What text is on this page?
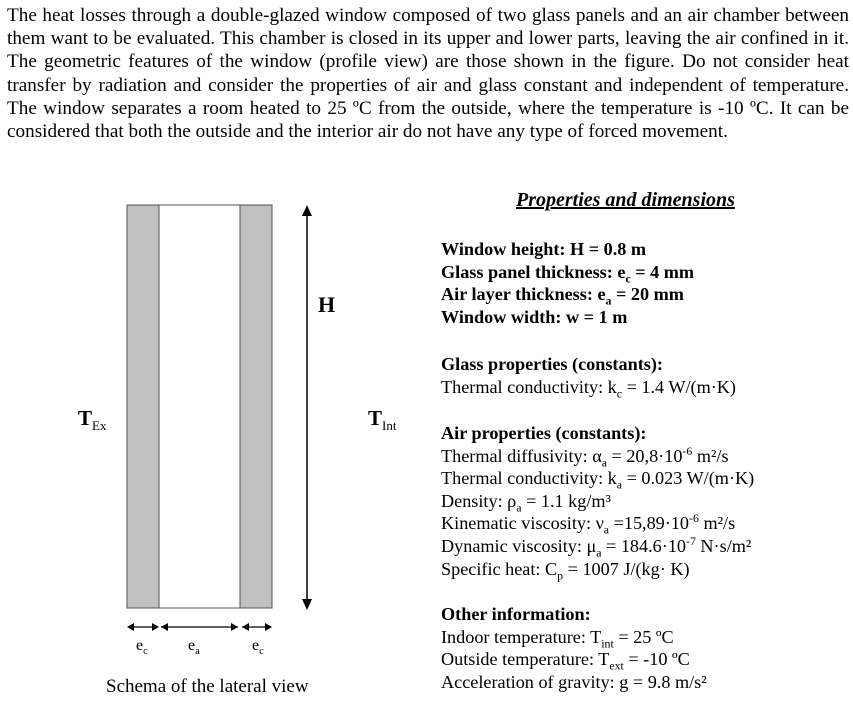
The heat losses through a double-glazed window composed of two glass panels and an air chamber between them want to be evaluated. This chamber is closed in its upper and lower parts, leaving the air confined in it. The geometric features of the window (profile view) are those shown in the figure. Do not consider heat transfer by radiation and consider the properties of air and glass constant and independent of temperature. The window separates a room heated to 25 ºC from the outside, where the temperature is -10 ºC. It can be considered that both the outside and the interior air do not have any type of forced movement.

$T_{Ex}$	$T_{Int}$
H
$e_c$	$e_a$	$e_c$

Schema of the lateral view

Properties and dimensions

Window height: H = 0.8 m
Glass panel thickness: $e_c = 4$ mm
Air layer thickness: $e_a = 20$ mm
Window width: w = 1 m
Glass properties (constants):
Thermal conductivity: $k_c = 1.4$ W/(m·K)
Air properties (constants):
Thermal diffusivity: $\alpha_a = 20,8\cdot 10^{-6}$ m²/s
Thermal conductivity: $k_a = 0.023$ W/(m·K)
Density: $\rho_a = 1.1$ kg/m³
Kinematic viscosity: $\nu_a =15,89\cdot 10^{-6}$ m²/s
Dynamic viscosity: $\mu_a = 184.6\cdot 10^{-7}$ N·s/m²
Specific heat: $C_p = 1007$ J/(kg· K)
Other information:
Indoor temperature: $T_{int} = 25$ ºC
Outside temperature: $T_{ext} = -10$ ºC
Acceleration of gravity: g = 9.8 m/s²
